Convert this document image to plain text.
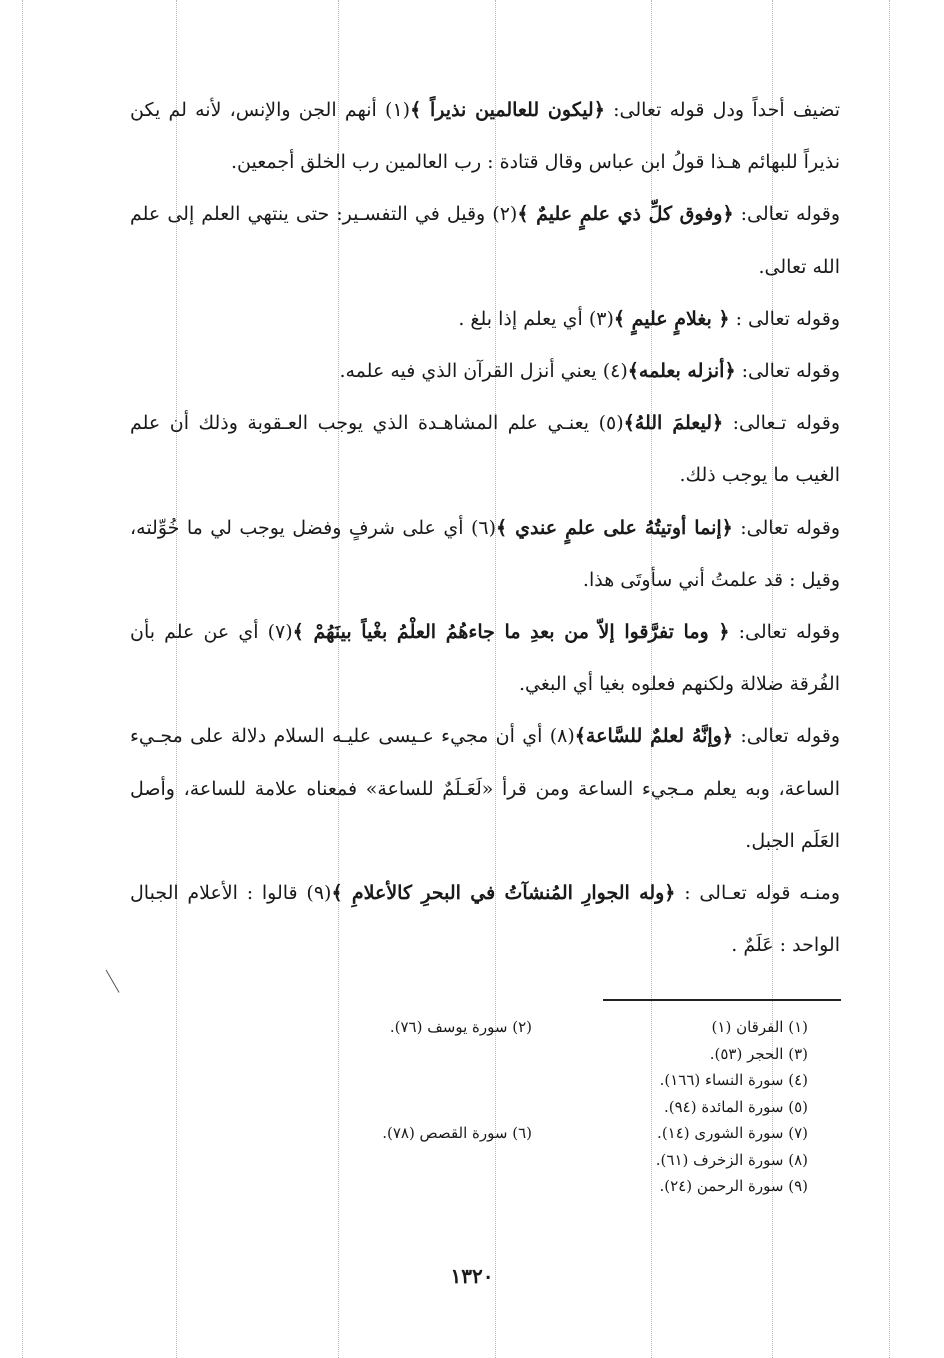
تضيف أحداً ودل قوله تعالى: ﴿ليكون للعالمين نذيراً ﴾(١) أنهم الجن والإنس، لأنه لم يكن نذيراً للبهائم هـذا قولُ ابن عباس وقال قتادة : رب العالمين رب الخلق أجمعين.

وقوله تعالى: ﴿وفوق كلِّ ذي علمٍ عليمٌ ﴾(٢) وقيل في التفسـير: حتى ينتهي العلم إلى علم الله تعالى.

وقوله تعالى : ﴿ بغلامٍ عليمٍ ﴾(٣) أي يعلم إذا بلغ .

وقوله تعالى: ﴿أنزله بعلمه﴾(٤) يعني أنزل القرآن الذي فيه علمه.

وقوله تـعالى: ﴿ليعلمَ اللهُ﴾(٥) يعنـي علم المشاهـدة الذي يوجب العـقوبة وذلك أن علم الغيب ما يوجب ذلك.

وقوله تعالى: ﴿إنما أوتيتُهُ على علمٍ عندي ﴾(٦) أي على شرفٍ وفضل يوجب لي ما خُوِّلته، وقيل : قد علمتُ أني سأوتَى هذا.

وقوله تعالى: ﴿ وما تفرَّقوا إلاّ من بعدِ ما جاءهُمُ العلْمُ بغْياً بينَهُمْ ﴾(٧) أي عن علم بأن الفُرقة ضلالة ولكنهم فعلوه بغيا أي البغي.

وقوله تعالى: ﴿وإنَّهُ لعلمٌ للسَّاعة﴾(٨) أي أن مجيء عـيسى عليـه السلام دلالة على مجـيء الساعة، وبه يعلم مـجيء الساعة ومن قرأ «لَعَـلَمٌ للساعة» فمعناه علامة للساعة، وأصل العَلَم الجبل.

ومنـه قوله تعـالى : ﴿وله الجوارِ المُنشآتُ في البحرِ كالأعلامِ ﴾(٩) قالوا : الأعلام الجبال الواحد : عَلَمٌ .

(١) الفرقان (١)
(٣) الحجر (٥٣).
(٤) سورة النساء (١٦٦).
(٥) سورة المائدة (٩٤).
(٧) سورة الشورى (١٤).
(٨) سورة الزخرف (٦١).
(٩) سورة الرحمن (٢٤).
(٢) سورة يوسف (٧٦).
(٦) سورة القصص (٧٨).
١٣٢٠
